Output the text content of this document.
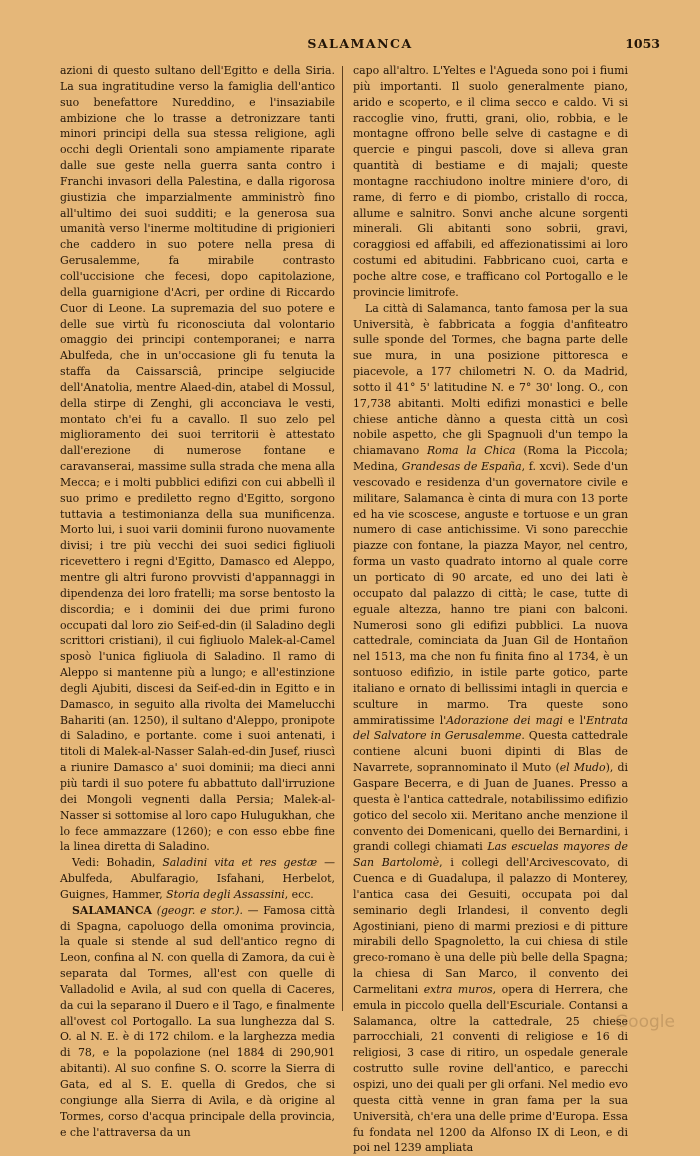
SALAMANCA	1053

azioni di questo sultano dell'Egitto e della Siria. La sua ingratitudine verso la famiglia dell'antico suo benefattore Nureddino, e l'insaziabile ambizione che lo trasse a detronizzare tanti minori principi della sua stessa religione, agli occhi degli Orientali sono ampiamente riparate dalle sue geste nella guerra santa contro i Franchi invasori della Palestina, e dalla rigorosa giustizia che imparzialmente amministrò fino all'ultimo dei suoi sudditi; e la generosa sua umanità verso l'inerme moltitudine di prigionieri che caddero in suo potere nella presa di Gerusalemme, fa mirabile contrasto coll'uccisione che fecesi, dopo capitolazione, della guarnigione d'Acri, per ordine di Riccardo Cuor di Leone. La supremazia del suo potere e delle sue virtù fu riconosciuta dal volontario omaggio dei principi contemporanei; e narra Abulfeda, che in un'occasione gli fu tenuta la staffa da Caissarsciâ, principe selgiucide dell'Anatolia, mentre Alaed-din, atabel di Mossul, della stirpe di Zenghi, gli acconciava le vesti, montato ch'ei fu a cavallo. Il suo zelo pel miglioramento dei suoi territorii è attestato dall'erezione di numerose fontane e caravanserai, massime sulla strada che mena alla Mecca; e i molti pubblici edifizi con cui abbellì il suo primo e prediletto regno d'Egitto, sorgono tuttavia a testimonianza della sua munificenza. Morto lui, i suoi varii dominii furono nuovamente divisi; i tre più vecchi dei suoi sedici figliuoli ricevettero i regni d'Egitto, Damasco ed Aleppo, mentre gli altri furono provvisti d'appannaggi in dipendenza dei loro fratelli; ma sorse bentosto la discordia; e i dominii dei due primi furono occupati dal loro zio Seif-ed-din (il Saladino degli scrittori cristiani), il cui figliuolo Malek-al-Camel sposò l'unica figliuola di Saladino. Il ramo di Aleppo si mantenne più a lungo; e all'estinzione degli Ajubiti, discesi da Seif-ed-din in Egitto e in Damasco, in seguito alla rivolta dei Mamelucchi Bahariti (an. 1250), il sultano d'Aleppo, pronipote di Saladino, e portante. come i suoi antenati, i titoli di Malek-al-Nasser Salah-ed-din Jusef, riuscì a riunire Damasco a' suoi dominii; ma dieci anni più tardi il suo potere fu abbattuto dall'irruzione dei Mongoli vegnenti dalla Persia; Malek-al-Nasser si sottomise al loro capo Hulugukhan, che lo fece ammazzare (1260); e con esso ebbe fine la linea diretta di Saladino.

Vedi: Bohadin, Saladini vita et res gestæ — Abulfeda, Abulfaragio, Isfahani, Herbelot, Guignes, Hammer, Storia degli Assassini, ecc.

SALAMANCA (geogr. e stor.). — Famosa città di Spagna, capoluogo della omonima provincia, la quale si stende al sud dell'antico regno di Leon, confina al N. con quella di Zamora, da cui è separata dal Tormes, all'est con quelle di Valladolid e Avila, al sud con quella di Caceres, da cui la separano il Duero e il Tago, e finalmente all'ovest col Portogallo. La sua lunghezza dal S. O. al N. E. è di 172 chilom. e la larghezza media di 78, e la popolazione (nel 1884 di 290,901 abitanti). Al suo confine S. O. scorre la Sierra di Gata, ed al S. E. quella di Gredos, che si congiunge alla Sierra di Avila, e dà origine al Tormes, corso d'acqua principale della provincia, e che l'attraversa da un

capo all'altro. L'Yeltes e l'Agueda sono poi i fiumi più importanti. Il suolo generalmente piano, arido e scoperto, e il clima secco e caldo. Vi si raccoglie vino, frutti, grani, olio, robbia, e le montagne offrono belle selve di castagne e di quercie e pingui pascoli, dove si alleva gran quantità di bestiame e di majali; queste montagne racchiudono inoltre miniere d'oro, di rame, di ferro e di piombo, cristallo di rocca, allume e salnitro. Sonvi anche alcune sorgenti minerali. Gli abitanti sono sobrii, gravi, coraggiosi ed affabili, ed affezionatissimi ai loro costumi ed abitudini. Fabbricano cuoi, carta e poche altre cose, e trafficano col Portogallo e le provincie limitrofe.

La città di Salamanca, tanto famosa per la sua Università, è fabbricata a foggia d'anfiteatro sulle sponde del Tormes, che bagna parte delle sue mura, in una posizione pittoresca e piacevole, a 177 chilometri N. O. da Madrid, sotto il 41° 5' latitudine N. e 7° 30' long. O., con 17,738 abitanti. Molti edifizi monastici e belle chiese antiche dànno a questa città un così nobile aspetto, che gli Spagnuoli d'un tempo la chiamavano Roma la Chica (Roma la Piccola; Medina, Grandesas de España, f. xcvi). Sede d'un vescovado e residenza d'un governatore civile e militare, Salamanca è cinta di mura con 13 porte ed ha vie scoscese, anguste e tortuose e un gran numero di case antichissime. Vi sono parecchie piazze con fontane, la piazza Mayor, nel centro, forma un vasto quadrato intorno al quale corre un porticato di 90 arcate, ed uno dei lati è occupato dal palazzo di città; le case, tutte di eguale altezza, hanno tre piani con balconi. Numerosi sono gli edifizi pubblici. La nuova cattedrale, cominciata da Juan Gil de Hontañon nel 1513, ma che non fu finita fino al 1734, è un sontuoso edifizio, in istile parte gotico, parte italiano e ornato di bellissimi intagli in quercia e sculture in marmo. Tra queste sono ammiratissime l'Adorazione dei magi e l'Entrata del Salvatore in Gerusalemme. Questa cattedrale contiene alcuni buoni dipinti di Blas de Navarrete, soprannominato il Muto (el Mudo), di Gaspare Becerra, e di Juan de Juanes. Presso a questa è l'antica cattedrale, notabilissimo edifizio gotico del secolo xii. Meritano anche menzione il convento dei Domenicani, quello dei Bernardini, i grandi collegi chiamati Las escuelas mayores de San Bartolomè, i collegi dell'Arcivescovato, di Cuenca e di Guadalupa, il palazzo di Monterey, l'antica casa dei Gesuiti, occupata poi dal seminario degli Irlandesi, il convento degli Agostiniani, pieno di marmi preziosi e di pitture mirabili dello Spagnoletto, la cui chiesa di stile greco-romano è una delle più belle della Spagna; la chiesa di San Marco, il convento dei Carmelitani extra muros, opera di Herrera, che emula in piccolo quella dell'Escuriale. Contansi a Salamanca, oltre la cattedrale, 25 chiese parrocchiali, 21 conventi di religiose e 16 di religiosi, 3 case di ritiro, un ospedale generale costrutto sulle rovine dell'antico, e parecchi ospizi, uno dei quali per gli orfani. Nel medio evo questa città venne in gran fama per la sua Università, ch'era una delle prime d'Europa. Essa fu fondata nel 1200 da Alfonso IX di Leon, e di poi nel 1239 ampliata

Google
